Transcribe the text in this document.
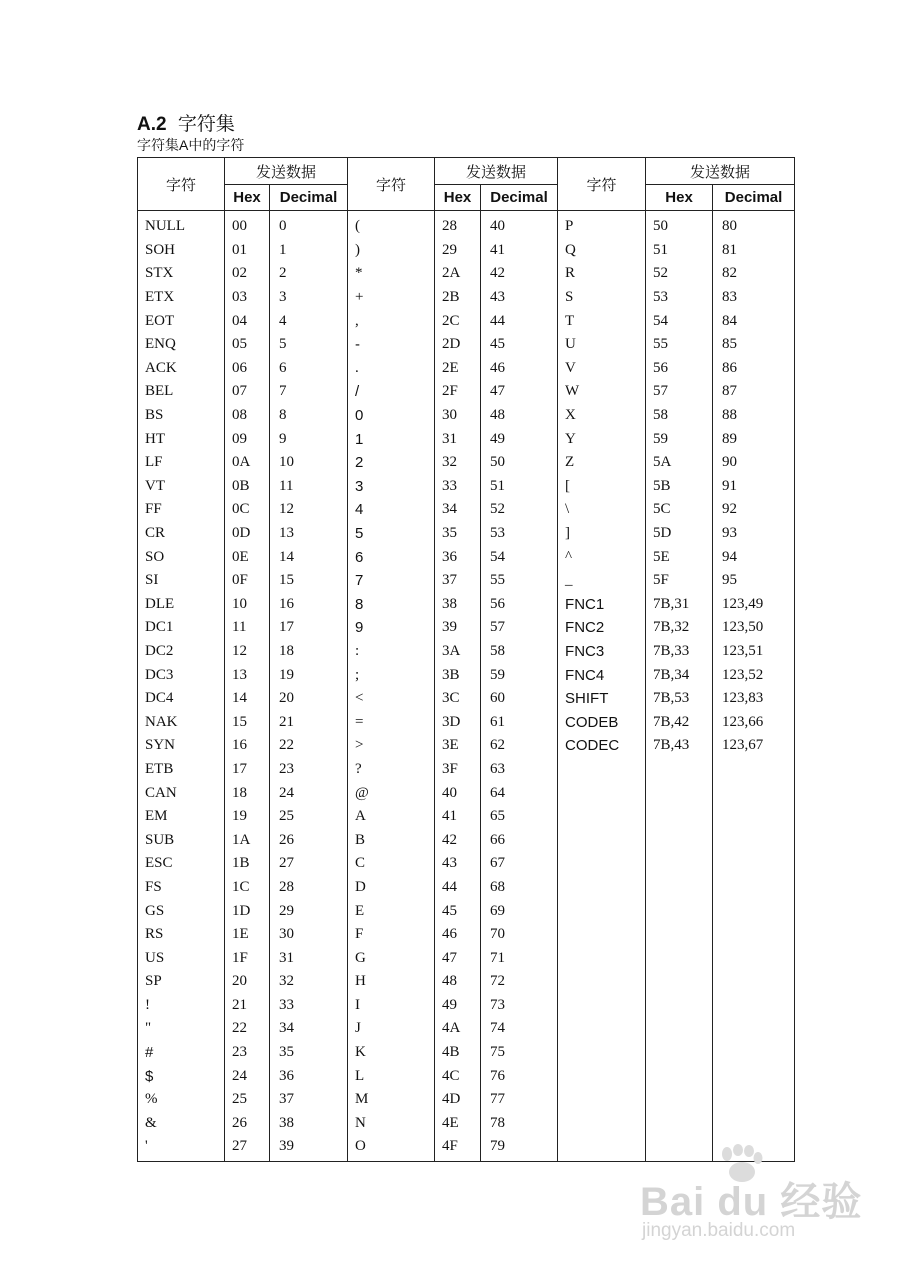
A.2 字符集
字符集A中的字符
字符	发送数据		字符	发送数据		字符	发送数据	
	Hex	Decimal		Hex	Decimal		Hex	Decimal
NULL	00	0	(	28	40	P	50	80
SOH	01	1	)	29	41	Q	51	81
STX	02	2	*	2A	42	R	52	82
ETX	03	3	+	2B	43	S	53	83
EOT	04	4	,	2C	44	T	54	84
ENQ	05	5	-	2D	45	U	55	85
ACK	06	6	.	2E	46	V	56	86
BEL	07	7	/	2F	47	W	57	87
BS	08	8	0	30	48	X	58	88
HT	09	9	1	31	49	Y	59	89
LF	0A	10	2	32	50	Z	5A	90
VT	0B	11	3	33	51	[	5B	91
FF	0C	12	4	34	52	\	5C	92
CR	0D	13	5	35	53	]	5D	93
SO	0E	14	6	36	54	^	5E	94
SI	0F	15	7	37	55	_	5F	95
DLE	10	16	8	38	56	FNC1	7B,31	123,49
DC1	11	17	9	39	57	FNC2	7B,32	123,50
DC2	12	18	:	3A	58	FNC3	7B,33	123,51
DC3	13	19	;	3B	59	FNC4	7B,34	123,52
DC4	14	20	<	3C	60	SHIFT	7B,53	123,83
NAK	15	21	=	3D	61	CODEB	7B,42	123,66
SYN	16	22	>	3E	62	CODEC	7B,43	123,67
ETB	17	23	?	3F	63			
CAN	18	24	@	40	64			
EM	19	25	A	41	65			
SUB	1A	26	B	42	66			
ESC	1B	27	C	43	67			
FS	1C	28	D	44	68			
GS	1D	29	E	45	69			
RS	1E	30	F	46	70			
US	1F	31	G	47	71			
SP	20	32	H	48	72			
!	21	33	I	49	73			
"	22	34	J	4A	74			
#	23	35	K	4B	75			
$	24	36	L	4C	76			
%	25	37	M	4D	77			
&	26	38	N	4E	78			
'	27	39	O	4F	79			
Bai du 经验
jingyan.baidu.com
